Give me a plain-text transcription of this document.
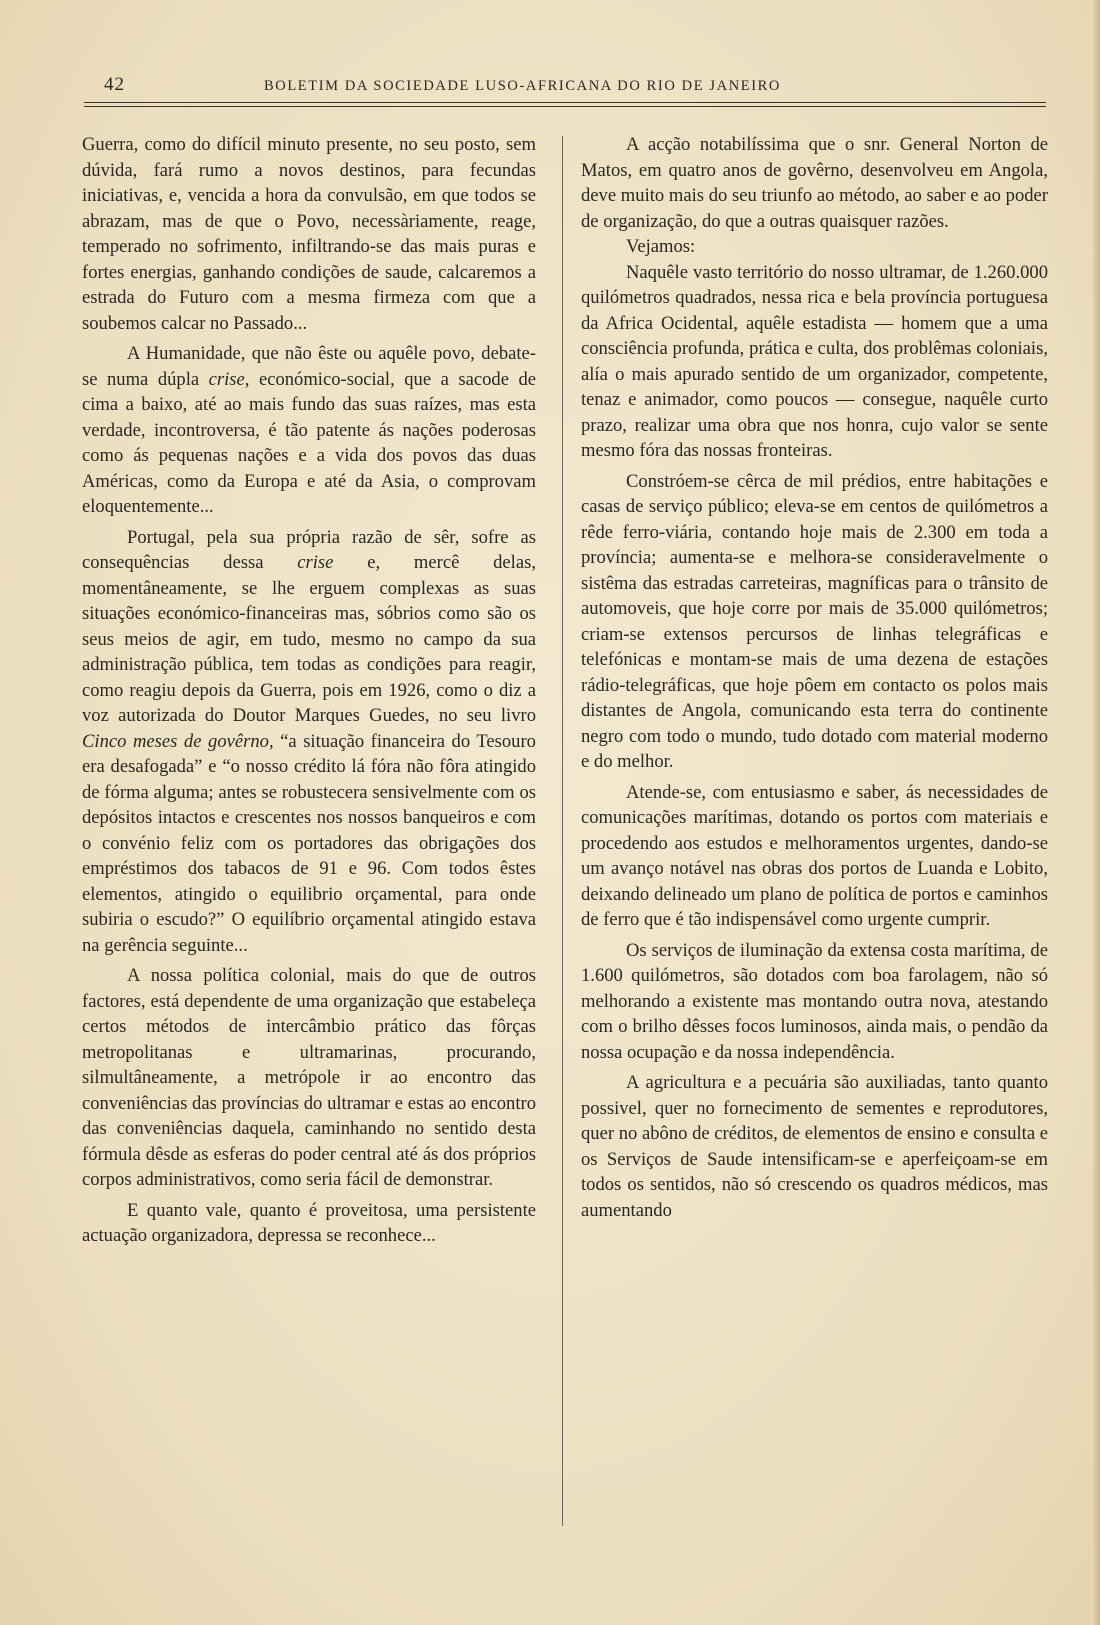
42	BOLETIM DA SOCIEDADE LUSO-AFRICANA DO RIO DE JANEIRO

Guerra, como do difícil minuto presente, no seu posto, sem dúvida, fará rumo a novos destinos, para fecundas iniciativas, e, vencida a hora da convulsão, em que todos se abrazam, mas de que o Povo, necessàriamente, reage, temperado no sofrimento, infiltrando-se das mais puras e fortes energias, ganhando condições de saude, calcaremos a estrada do Futuro com a mesma firmeza com que a soubemos calcar no Passado...

A Humanidade, que não êste ou aquêle povo, debate-se numa dúpla crise, económico-social, que a sacode de cima a baixo, até ao mais fundo das suas raízes, mas esta verdade, incontroversa, é tão patente ás nações poderosas como ás pequenas nações e a vida dos povos das duas Américas, como da Europa e até da Asia, o comprovam eloquentemente...

Portugal, pela sua própria razão de sêr, sofre as consequências dessa crise e, mercê delas, momentâneamente, se lhe erguem complexas as suas situações económico-financeiras mas, sóbrios como são os seus meios de agir, em tudo, mesmo no campo da sua administração pública, tem todas as condições para reagir, como reagiu depois da Guerra, pois em 1926, como o diz a voz autorizada do Doutor Marques Guedes, no seu livro Cinco meses de govêrno, “a situação financeira do Tesouro era desafogada” e “o nosso crédito lá fóra não fôra atingido de fórma alguma; antes se robustecera sensivelmente com os depósitos intactos e crescentes nos nossos banqueiros e com o convénio feliz com os portadores das obrigações dos empréstimos dos tabacos de 91 e 96. Com todos êstes elementos, atingido o equilibrio orçamental, para onde subiria o escudo?” O equilíbrio orçamental atingido estava na gerência seguinte...

A nossa política colonial, mais do que de outros factores, está dependente de uma organização que estabeleça certos métodos de intercâmbio prático das fôrças metropolitanas e ultramarinas, procurando, silmultâneamente, a metrópole ir ao encontro das conveniências das províncias do ultramar e estas ao encontro das conveniências daquela, caminhando no sentido desta fórmula dêsde as esferas do poder central até ás dos próprios corpos administrativos, como seria fácil de demonstrar.

E quanto vale, quanto é proveitosa, uma persistente actuação organizadora, depressa se reconhece...

A acção notabilíssima que o snr. General Norton de Matos, em quatro anos de govêrno, desenvolveu em Angola, deve muito mais do seu triunfo ao método, ao saber e ao poder de organização, do que a outras quaisquer razões.

Vejamos:

Naquêle vasto território do nosso ultramar, de 1.260.000 quilómetros quadrados, nessa rica e bela província portuguesa da Africa Ocidental, aquêle estadista — homem que a uma consciência profunda, prática e culta, dos problêmas coloniais, alía o mais apurado sentido de um organizador, competente, tenaz e animador, como poucos — consegue, naquêle curto prazo, realizar uma obra que nos honra, cujo valor se sente mesmo fóra das nossas fronteiras.

Constróem-se cêrca de mil prédios, entre habitações e casas de serviço público; eleva-se em centos de quilómetros a rêde ferro-viária, contando hoje mais de 2.300 em toda a província; aumenta-se e melhora-se consideravelmente o sistêma das estradas carreteiras, magníficas para o trânsito de automoveis, que hoje corre por mais de 35.000 quilómetros; criam-se extensos percursos de linhas telegráficas e telefónicas e montam-se mais de uma dezena de estações rádio-telegráficas, que hoje pôem em contacto os polos mais distantes de Angola, comunicando esta terra do continente negro com todo o mundo, tudo dotado com material moderno e do melhor.

Atende-se, com entusiasmo e saber, ás necessidades de comunicações marítimas, dotando os portos com materiais e procedendo aos estudos e melhoramentos urgentes, dando-se um avanço notável nas obras dos portos de Luanda e Lobito, deixando delineado um plano de política de portos e caminhos de ferro que é tão indispensável como urgente cumprir.

Os serviços de iluminação da extensa costa marítima, de 1.600 quilómetros, são dotados com boa farolagem, não só melhorando a existente mas montando outra nova, atestando com o brilho dêsses focos luminosos, ainda mais, o pendão da nossa ocupação e da nossa independência.

A agricultura e a pecuária são auxiliadas, tanto quanto possivel, quer no fornecimento de sementes e reprodutores, quer no abôno de créditos, de elementos de ensino e consulta e os Serviços de Saude intensificam-se e aperfeiçoam-se em todos os sentidos, não só crescendo os quadros médicos, mas aumentando
